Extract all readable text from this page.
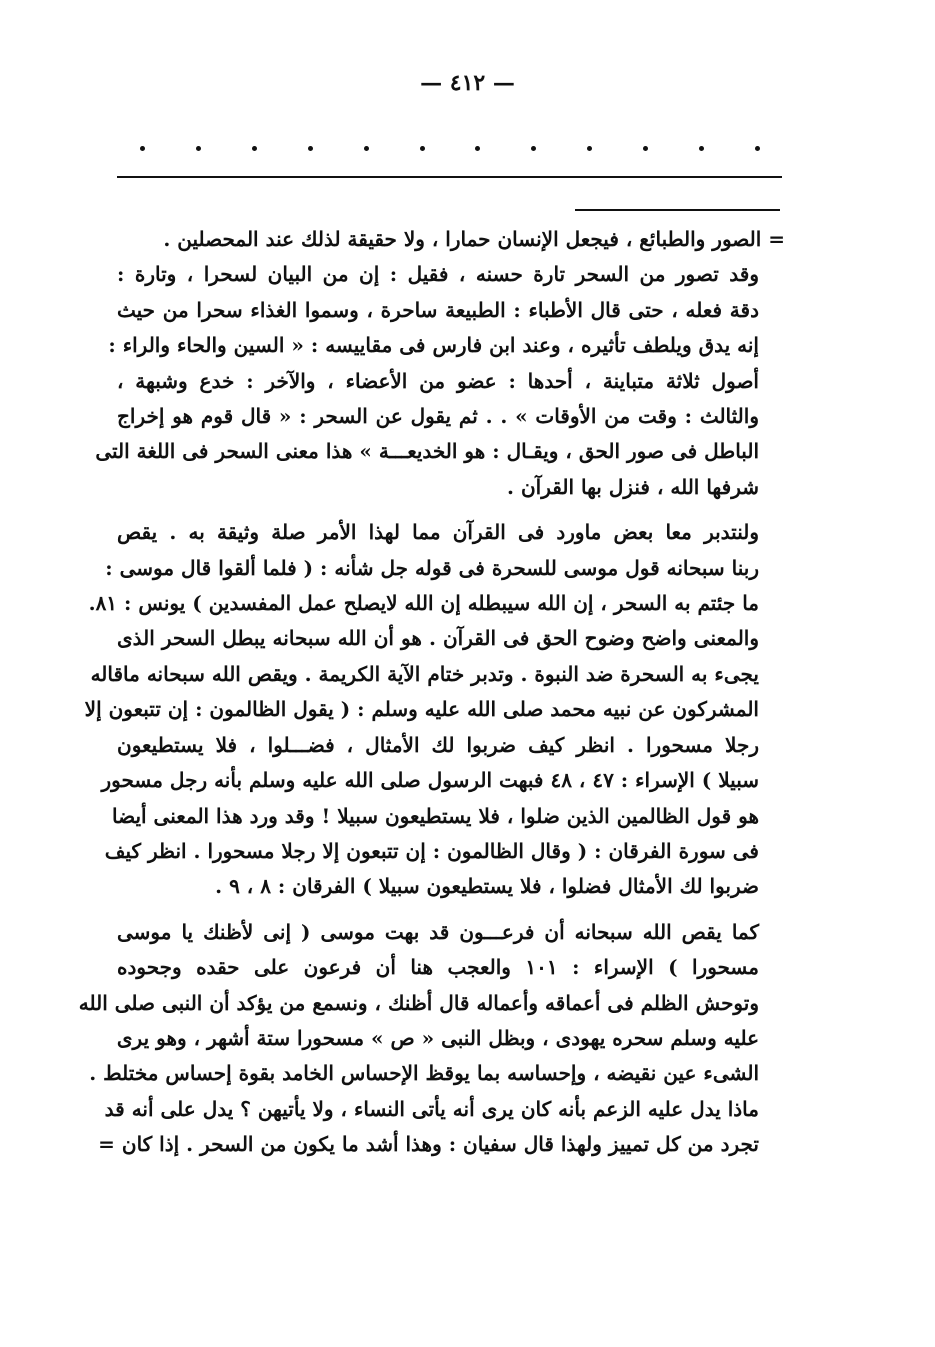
— ٤١٢ —
= الصور والطبائع ، فيجعل الإنسان حمارا ، ولا حقيقة لذلك عند المحصلين .
وقد تصور من السحر تارة حسنه ، فقيل : إن من البيان لسحرا ، وتارة :
دقة فعله ، حتى قال الأطباء : الطبيعة ساحرة ، وسموا الغذاء سحرا من حيث
إنه يدق ويلطف تأثيره ، وعند ابن فارس فى مقاييسه : « السين والحاء والراء :
أصول ثلاثة متباينة ، أحدها : عضو من الأعضاء ، والآخر : خدع وشبهة ،
والثالث : وقت من الأوقات » . . ثم يقول عن السحر : « قال قوم هو إخراج
الباطل فى صور الحق ، ويقـال : هو الخديعـــة » هذا معنى السحر فى اللغة التى
شرفها الله ، فنزل بها القرآن .
ولنتدبر معا بعض ماورد فى القرآن مما لهذا الأمر صلة وثيقة به . يقص
ربنا سبحانه قول موسى للسحرة فى قوله جل شأنه : ( فلما ألقوا قال موسى :
ما جئتم به السحر ، إن الله سيبطله إن الله لايصلح عمل المفسدين ) يونس : ٨١.
والمعنى واضح وضوح الحق فى القرآن . هو أن الله سبحانه يبطل السحر الذى
يجىء به السحرة ضد النبوة . وتدبر ختام الآية الكريمة . ويقص الله سبحانه ماقاله
المشركون عن نبيه محمد صلى الله عليه وسلم : ( يقول الظالمون : إن تتبعون إلا
رجلا مسحورا . انظر كيف ضربوا لك الأمثال ، فضـــلوا ، فلا يستطيعون
سبيلا ) الإسراء : ٤٧ ، ٤٨ فبهت الرسول صلى الله عليه وسلم بأنه رجل مسحور
هو قول الظالمين الذين ضلوا ، فلا يستطيعون سبيلا ! وقد ورد هذا المعنى أيضا
فى سورة الفرقان : ( وقال الظالمون : إن تتبعون إلا رجلا مسحورا . انظر كيف
ضربوا لك الأمثال فضلوا ، فلا يستطيعون سبيلا ) الفرقان : ٨ ، ٩ .
كما يقص الله سبحانه أن فرعـــون قد بهت موسى ( إنى لأظنك يا موسى
مسحورا ) الإسراء : ١٠١ والعجب هنا أن فرعون على حقده وجحوده
وتوحش الظلم فى أعماقه وأعماله قال أظنك ، ونسمع من يؤكد أن النبى صلى الله
عليه وسلم سحره يهودى ، وبظل النبى « ص » مسحورا ستة أشهر ، وهو يرى
الشىء عين نقيضه ، وإحساسه بما يوقظ الإحساس الخامد بقوة إحساس مختلط .
ماذا يدل عليه الزعم بأنه كان يرى أنه يأتى النساء ، ولا يأتيهن ؟ يدل على أنه قد
تجرد من كل تمييز ولهذا قال سفيان : وهذا أشد ما يكون من السحر . إذا كان =
